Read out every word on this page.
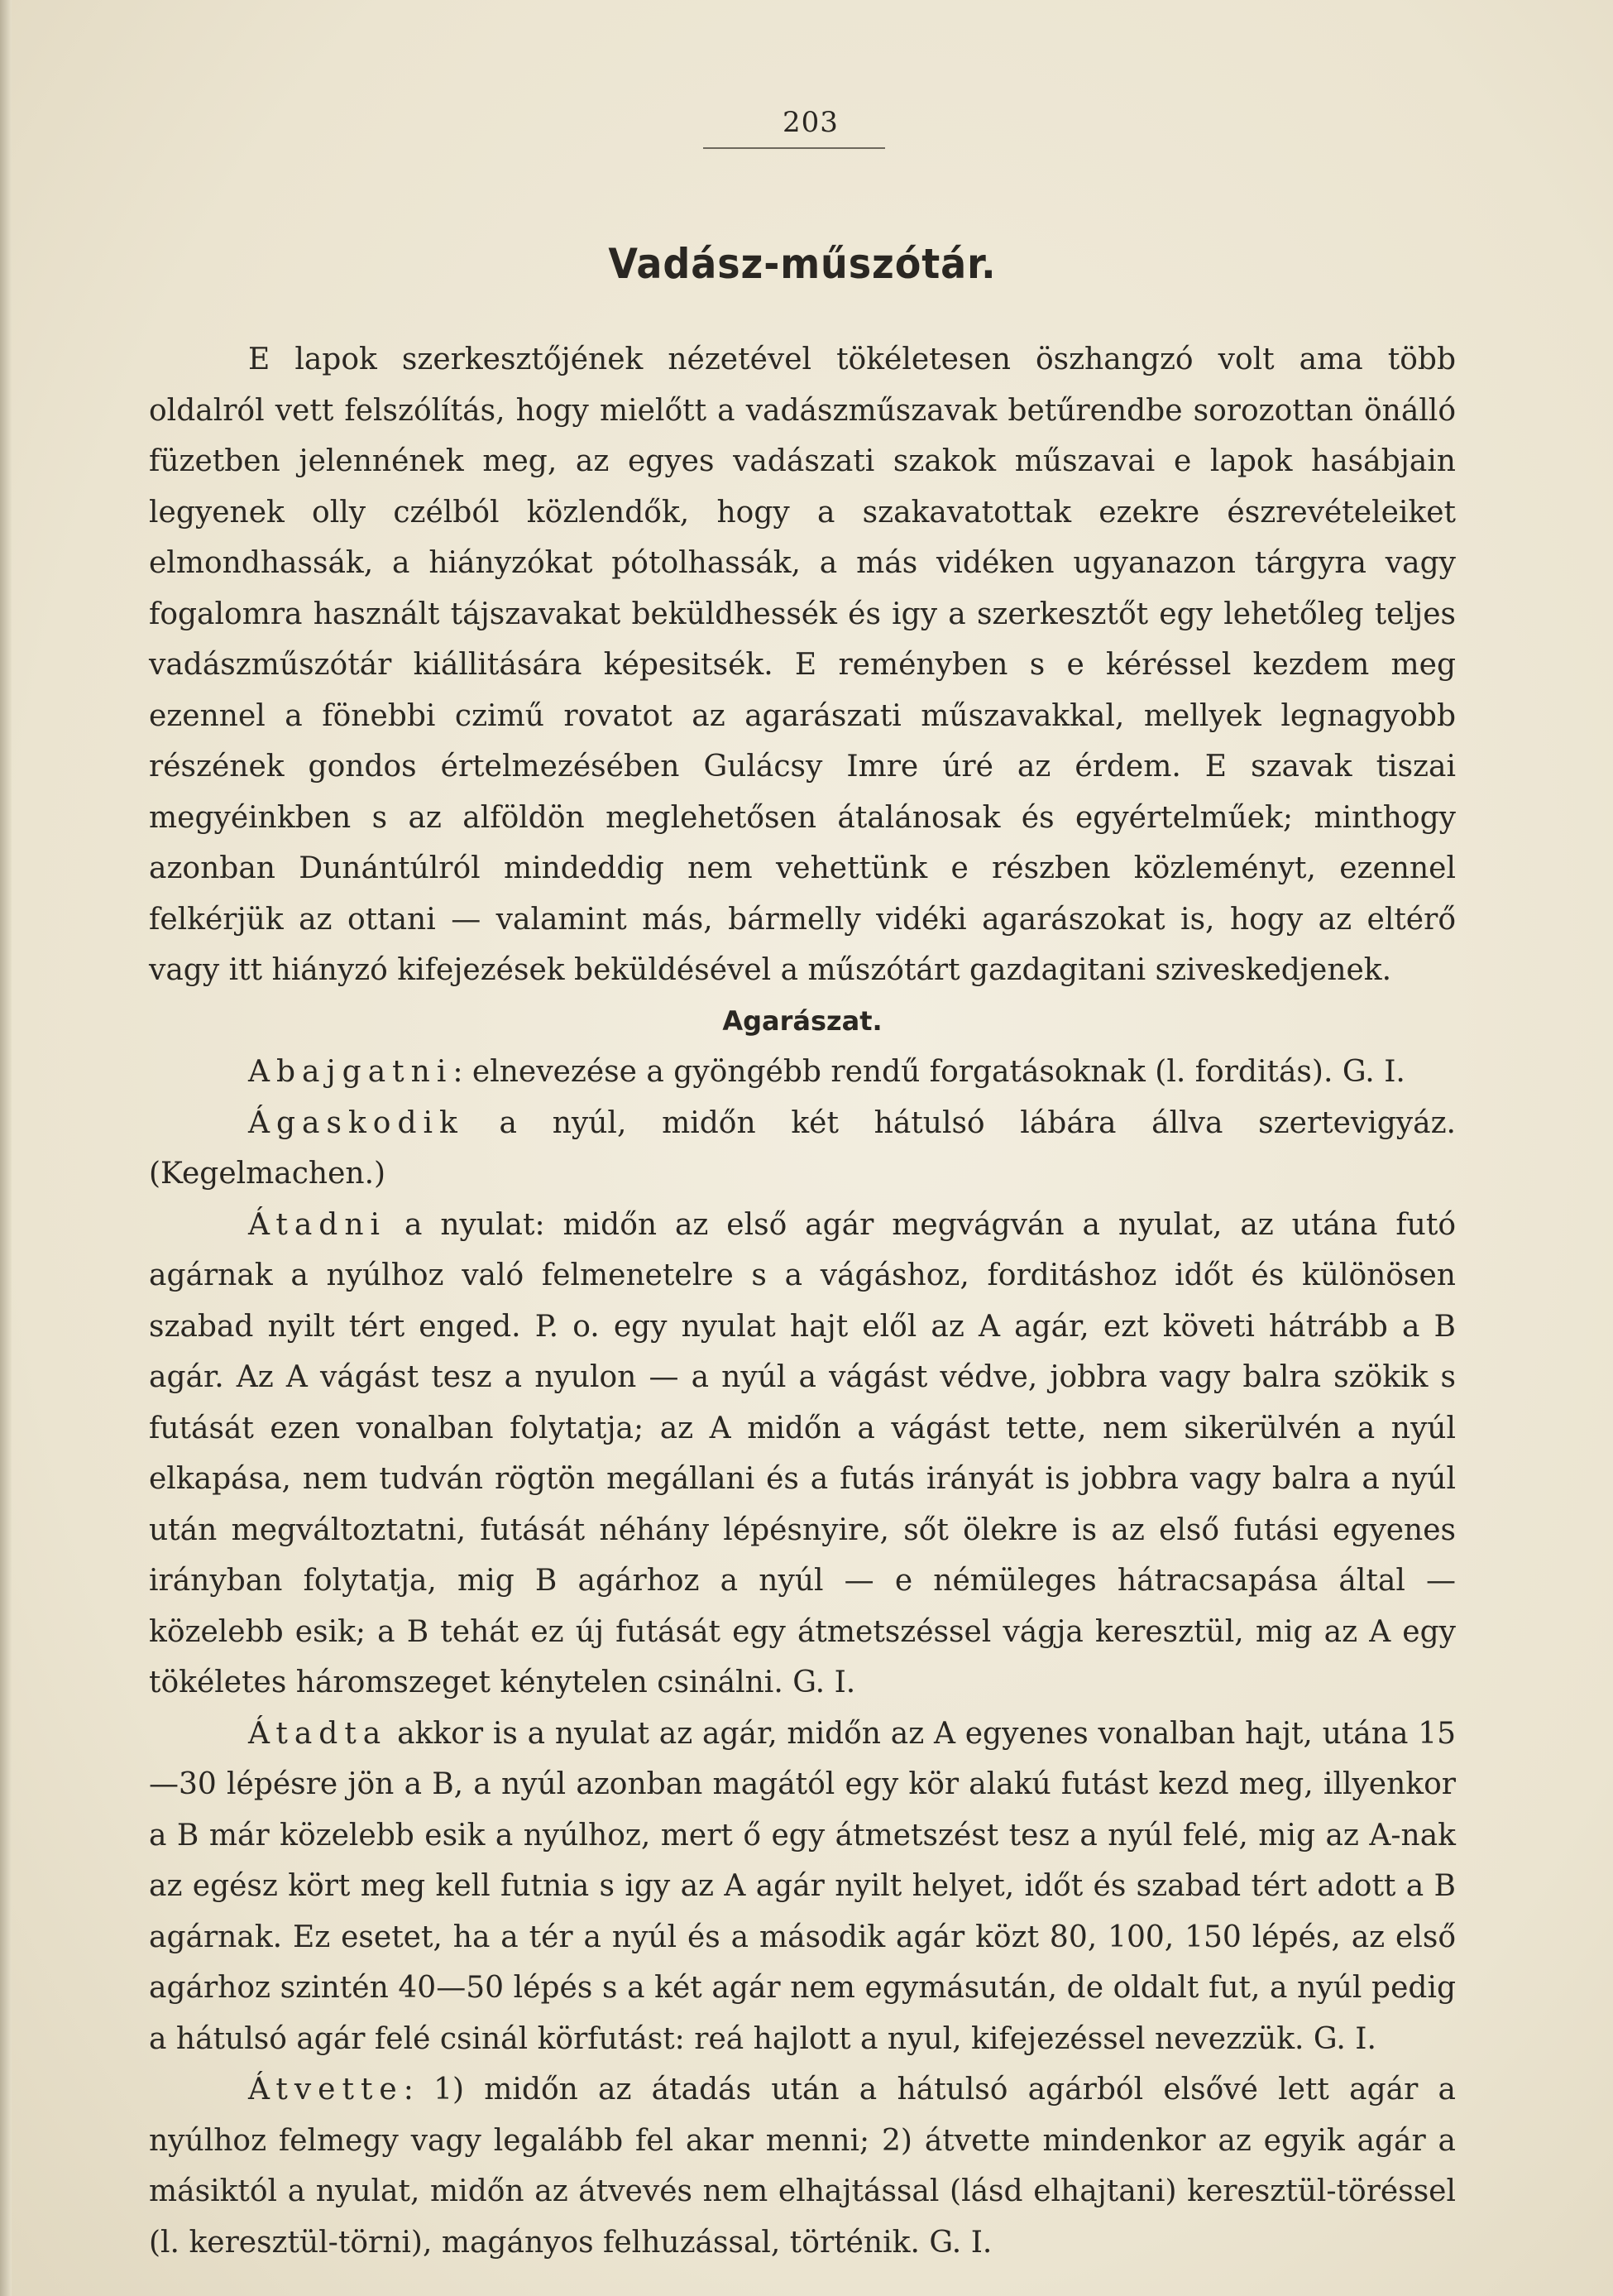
203
Vadász-műszótár.

E lapok szerkesztőjének nézetével tökéletesen öszhangzó volt ama több oldalról vett felszólítás, hogy mielőtt a vadászműszavak betűrendbe sorozottan önálló füzetben jelennének meg, az egyes vadászati szakok műszavai e lapok hasábjain legyenek olly czélból közlendők, hogy a szakavatottak ezekre észrevételeiket elmondhassák, a hiányzókat pótolhassák, a más vidéken ugyanazon tárgyra vagy fogalomra használt tájszavakat beküldhessék és igy a szerkesztőt egy lehetőleg teljes vadászműszótár kiállitására képesitsék. E reményben s e kéréssel kezdem meg ezennel a fönebbi czimű rovatot az agarászati műszavakkal, mellyek legnagyobb részének gondos értelmezésében Gulácsy Imre úré az érdem. E szavak tiszai megyéinkben s az alföldön meglehetősen átalánosak és egyértelműek; minthogy azonban Dunántúlról mindeddig nem vehettünk e részben közleményt, ezennel felkérjük az ottani — valamint más, bármelly vidéki agarászokat is, hogy az eltérő vagy itt hiányzó kifejezések beküldésével a műszótárt gazdagitani sziveskedjenek.

Agarászat.

Abajgatni: elnevezése a gyöngébb rendű forgatásoknak (l. forditás). G. I.

Ágaskodik a nyúl, midőn két hátulsó lábára állva szertevigyáz. (Kegelmachen.)

Átadni a nyulat: midőn az első agár megvágván a nyulat, az utána futó agárnak a nyúlhoz való felmenetelre s a vágáshoz, forditáshoz időt és különösen szabad nyilt tért enged. P. o. egy nyulat hajt elől az A agár, ezt követi hátrább a B agár. Az A vágást tesz a nyulon — a nyúl a vágást védve, jobbra vagy balra szökik s futását ezen vonalban folytatja; az A midőn a vágást tette, nem sikerülvén a nyúl elkapása, nem tudván rögtön megállani és a futás irányát is jobbra vagy balra a nyúl után megváltoztatni, futását néhány lépésnyire, sőt ölekre is az első futási egyenes irányban folytatja, mig B agárhoz a nyúl — e némüleges hátracsapása által — közelebb esik; a B tehát ez új futását egy átmetszéssel vágja keresztül, mig az A egy tökéletes háromszeget kénytelen csinálni. G. I.

Átadta akkor is a nyulat az agár, midőn az A egyenes vonalban hajt, utána 15—30 lépésre jön a B, a nyúl azonban magától egy kör alakú futást kezd meg, illyenkor a B már közelebb esik a nyúlhoz, mert ő egy átmetszést tesz a nyúl felé, mig az A-nak az egész kört meg kell futnia s igy az A agár nyilt helyet, időt és szabad tért adott a B agárnak. Ez esetet, ha a tér a nyúl és a második agár közt 80, 100, 150 lépés, az első agárhoz szintén 40—50 lépés s a két agár nem egymásután, de oldalt fut, a nyúl pedig a hátulsó agár felé csinál körfutást: reá hajlott a nyul, kifejezéssel nevezzük. G. I.

Átvette: 1) midőn az átadás után a hátulsó agárból elsővé lett agár a nyúlhoz felmegy vagy legalább fel akar menni; 2) átvette mindenkor az egyik agár a másiktól a nyulat, midőn az átvevés nem elhajtással (lásd elhajtani) keresztül-töréssel (l. keresztül-törni), magányos felhuzással, történik. G. I.
